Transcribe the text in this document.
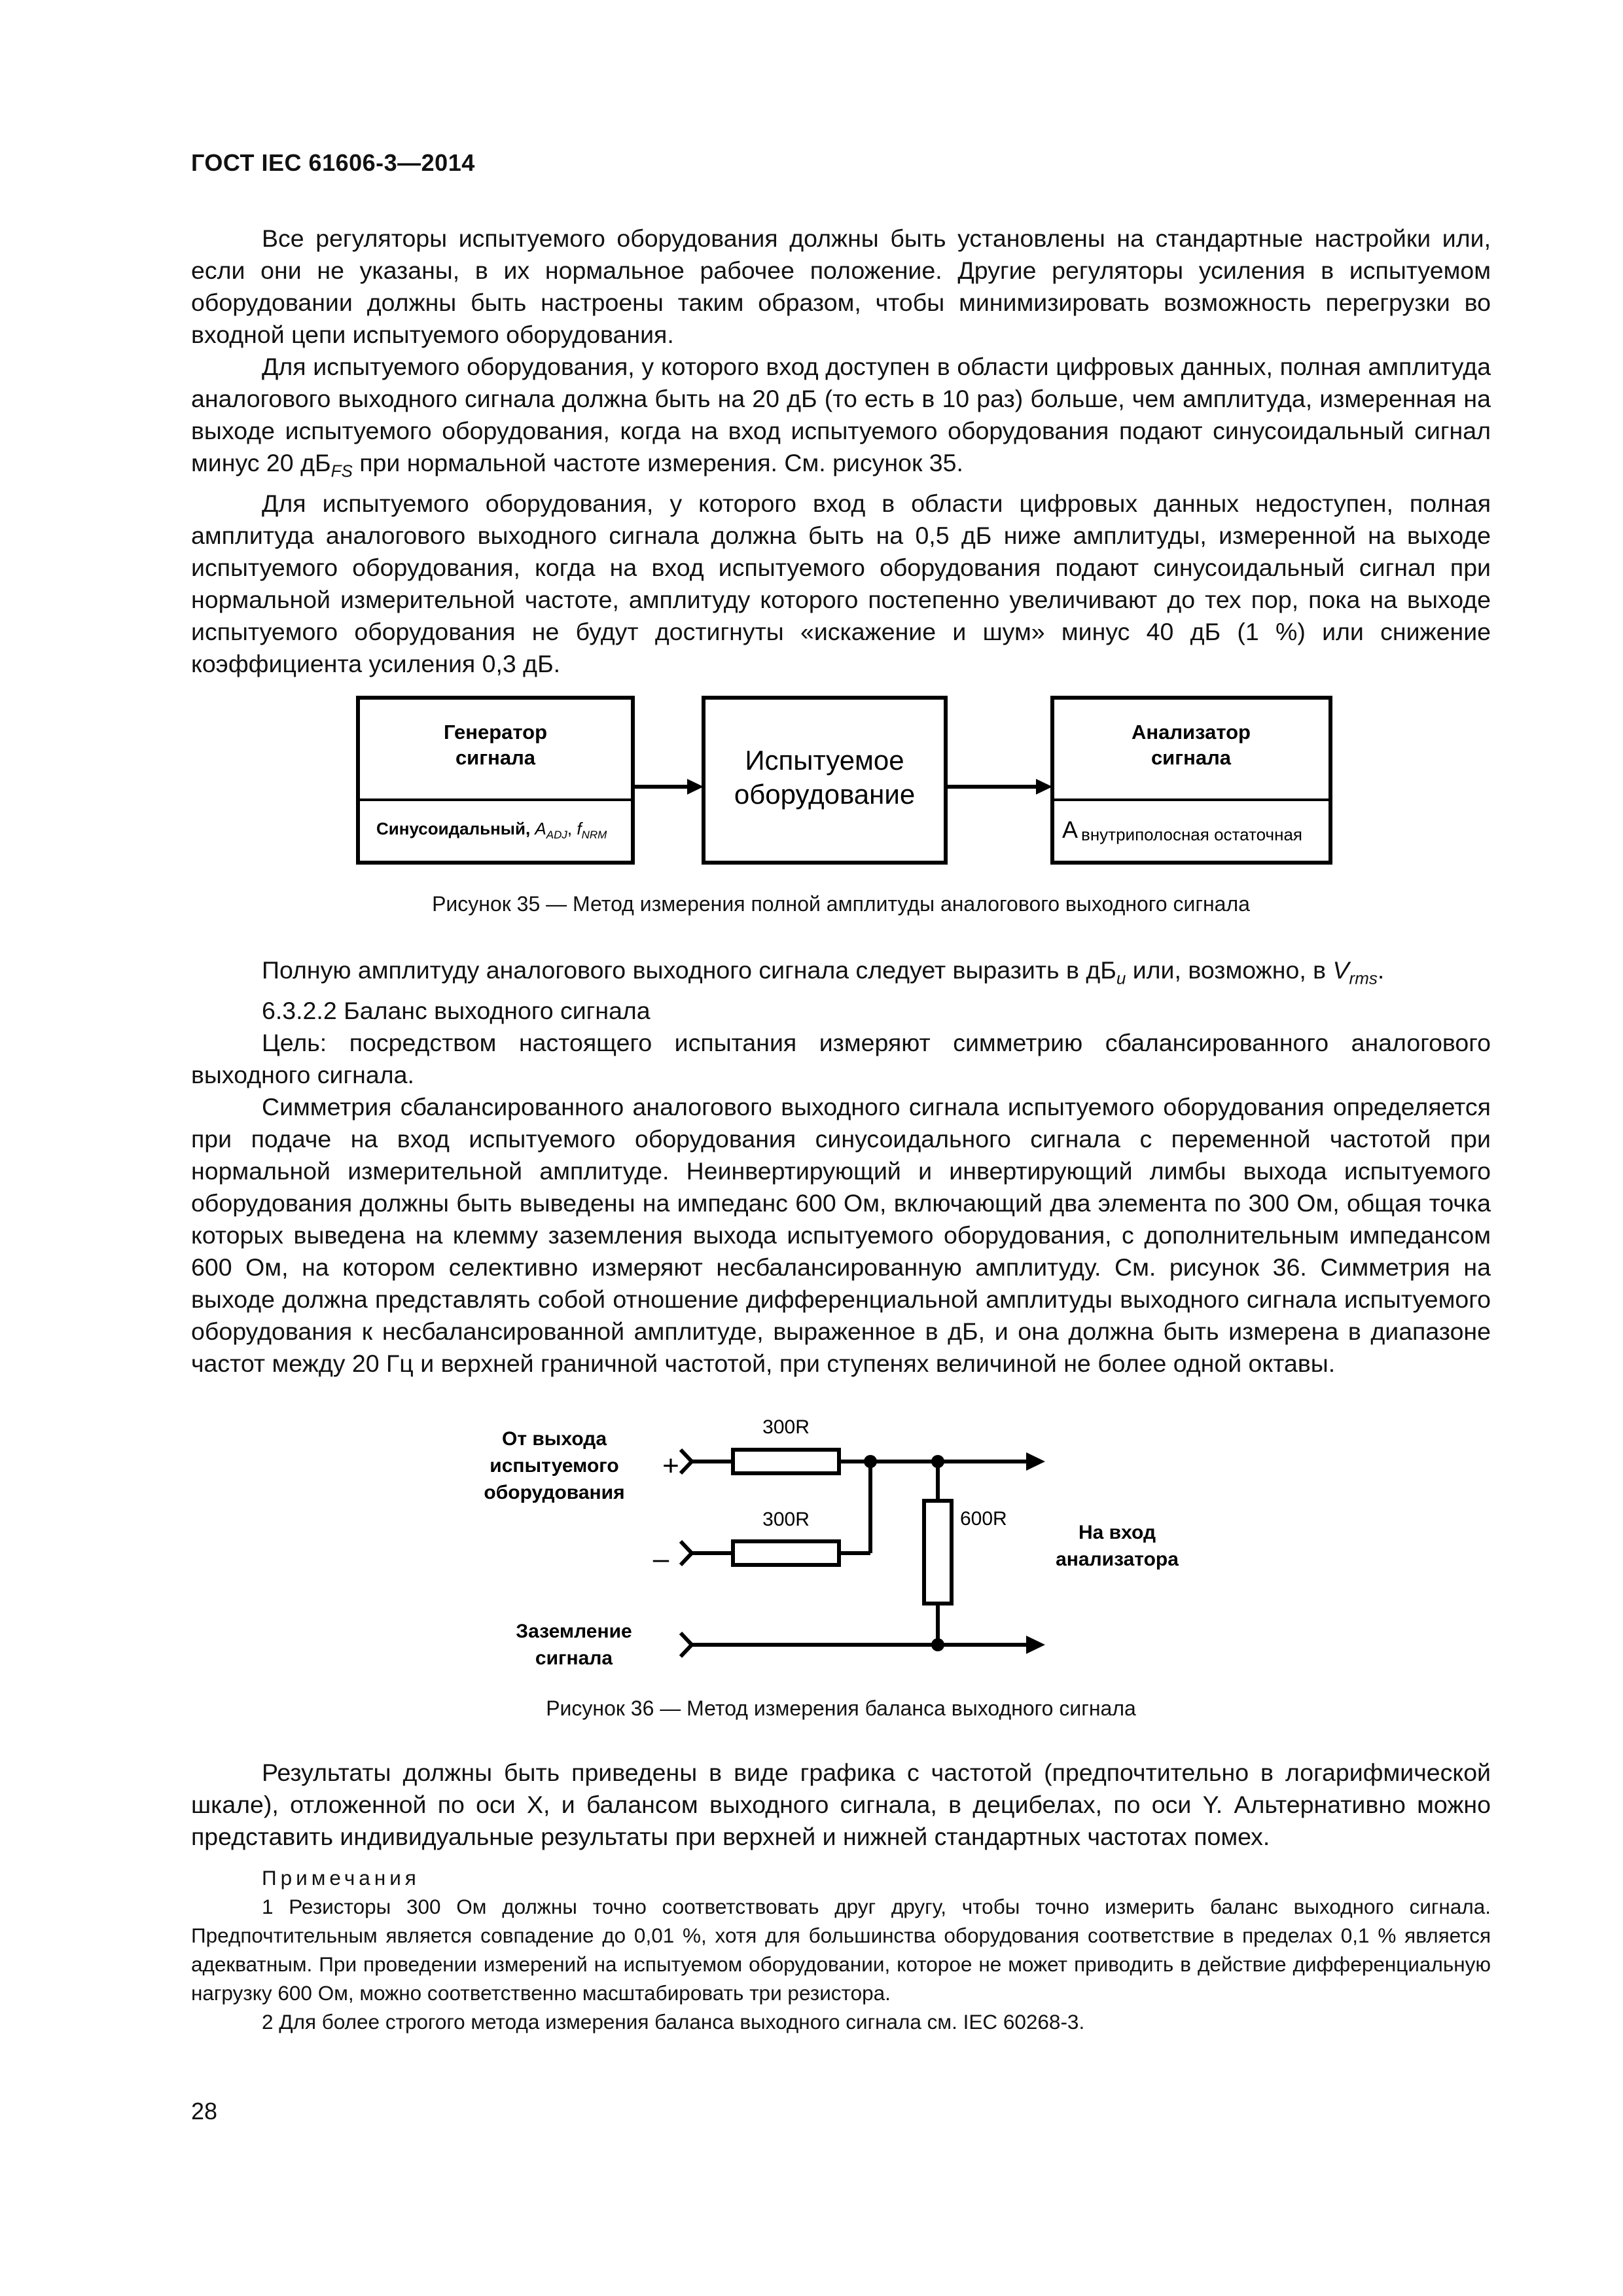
ГОСТ IEC 61606-3—2014

Все регуляторы испытуемого оборудования должны быть установлены на стандартные настройки или, если они не указаны, в их нормальное рабочее положение. Другие регуляторы усиления в испытуемом оборудовании должны быть настроены таким образом, чтобы минимизировать возможность перегрузки во входной цепи испытуемого оборудования.

Для испытуемого оборудования, у которого вход доступен в области цифровых данных, полная амплитуда аналогового выходного сигнала должна быть на 20 дБ (то есть в 10 раз) больше, чем амплитуда, измеренная на выходе испытуемого оборудования, когда на вход испытуемого оборудования подают синусоидальный сигнал минус 20 $дБ_{FS}$ при нормальной частоте измерения. См. рисунок 35.

Для испытуемого оборудования, у которого вход в области цифровых данных недоступен, полная амплитуда аналогового выходного сигнала должна быть на 0,5 дБ ниже амплитуды, измеренной на выходе испытуемого оборудования, когда на вход испытуемого оборудования подают синусоидальный сигнал при нормальной измерительной частоте, амплитуду которого постепенно увеличивают до тех пор, пока на выходе испытуемого оборудования не будут достигнуты «искажение и шум» минус 40 дБ (1 %) или снижение коэффициента усиления 0,3 дБ.

Генератор
сигнала
Синусоидальный, $A_{ADJ}$, $f_{NRM}$
Испытуемое
оборудование
Анализатор
сигнала
A внутриполосная остаточная
Рисунок 35 — Метод измерения полной амплитуды аналогового выходного сигнала

Полную амплитуду аналогового выходного сигнала следует выразить в $дБ_u$ или, возможно, в $V_{rms}$.

6.3.2.2 Баланс выходного сигнала

Цель: посредством настоящего испытания измеряют симметрию сбалансированного аналогового выходного сигнала.

Симметрия сбалансированного аналогового выходного сигнала испытуемого оборудования определяется при подаче на вход испытуемого оборудования синусоидального сигнала с переменной частотой при нормальной измерительной амплитуде. Неинвертирующий и инвертирующий лимбы выхода испытуемого оборудования должны быть выведены на импеданс 600 Ом, включающий два элемента по 300 Ом, общая точка которых выведена на клемму заземления выхода испытуемого оборудования, с дополнительным импедансом 600 Ом, на котором селективно измеряют несбалансированную амплитуду. См. рисунок 36. Симметрия на выходе должна представлять собой отношение дифференциальной амплитуды выходного сигнала испытуемого оборудования к несбалансированной амплитуде, выраженное в дБ, и она должна быть измерена в диапазоне частот между 20 Гц и верхней граничной частотой, при ступенях величиной не более одной октавы.

От выхода
испытуемого
оборудования
+
–
300R
300R	600R
Заземление
сигнала
На вход
анализатора
Рисунок 36 — Метод измерения баланса выходного сигнала

Результаты должны быть приведены в виде графика с частотой (предпочтительно в логарифмической шкале), отложенной по оси X, и балансом выходного сигнала, в децибелах, по оси Y. Альтернативно можно представить индивидуальные результаты при верхней и нижней стандартных частотах помех.

Примечания

1 Резисторы 300 Ом должны точно соответствовать друг другу, чтобы точно измерить баланс выходного сигнала. Предпочтительным является совпадение до 0,01 %, хотя для большинства оборудования соответствие в пределах 0,1 % является адекватным. При проведении измерений на испытуемом оборудовании, которое не может приводить в действие дифференциальную нагрузку 600 Ом, можно соответственно масштабировать три резистора.

2 Для более строгого метода измерения баланса выходного сигнала см. IEC 60268-3.

28
